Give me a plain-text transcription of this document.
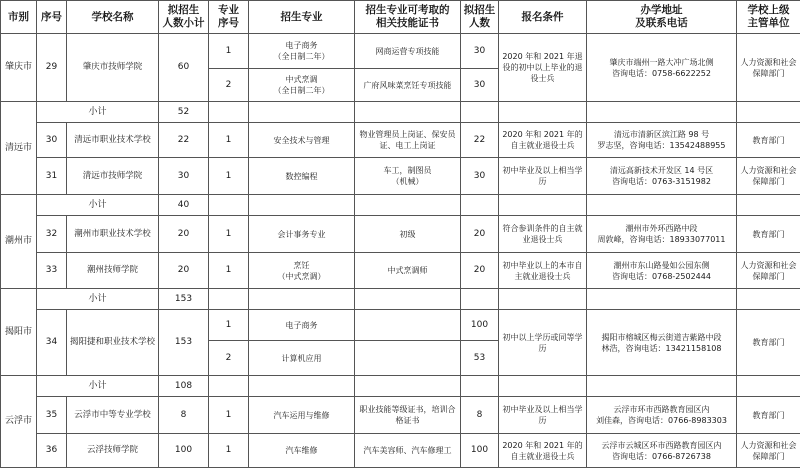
市别	序号	学校名称	拟招生
人数小计	专业
序号	招生专业	招生专业可考取的
相关技能证书	拟招生
人数	报名条件	办学地址
及联系电话	学校上级
主管单位

肇庆市	29	肇庆市技师学院	60	1	电子商务
（全日制二年）	网商运营专项技能	30	2020 年和 2021 年退役的初中以上毕业的退役士兵	肇庆市端州一路大冲广场北侧
咨询电话：0758-6622252	人力资源和社会保障部门

				2	中式烹调
（全日制二年）	广府风味菜烹饪专项技能	30			

清远市	小计		52							
	30	清远市职业技术学校	22	1	安全技术与管理	物业管理员上岗证、保安员证、电工上岗证	22	2020 年和 2021 年的自主就业退役士兵	清远市清新区滨江路 98 号
罗志坚，咨询电话：13542488955	教育部门

	31	清远市技师学院	30	1	数控编程	车工，制图员
（机械）	30	初中毕业及以上相当学历	清远高新技术开发区 14 号区
咨询电话：0763-3151982	人力资源和社会保障部门

潮州市	小计		40							
	32	潮州市职业技术学校	20	1	会计事务专业	初级	20	符合参训条件的自主就业退役士兵	潮州市外环西路中段
周敦峰，咨询电话：18933077011	教育部门

	33	潮州技师学院	20	1	烹饪
（中式烹调）	中式烹调师	20	初中毕业以上的本市自主就业退役士兵	潮州市东山路曼如公园东侧
咨询电话：0768-2502444	人力资源和社会保障部门

揭阳市	小计		153							
	34	揭阳捷和职业技术学校	153	1	电子商务		100	初中以上学历或同等学历	揭阳市榕城区梅云街道吉紫路中段
林浩，咨询电话：13421158108	教育部门

				2	计算机应用		53			

云浮市	小计		108							
	35	云浮市中等专业学校	8	1	汽车运用与维修	职业技能等级证书，培训合格证书	8	初中毕业及以上相当学历	云浮市环市西路教育园区内
刘佳森，咨询电话：0766-8983303	教育部门

	36	云浮技师学院	100	1	汽车维修	汽车美容师、汽车修理工	100	2020 年和 2021 年的自主就业退役士兵	云浮市云城区环市西路教育园区内
咨询电话：0766-8726738	人力资源和社会保障部门
